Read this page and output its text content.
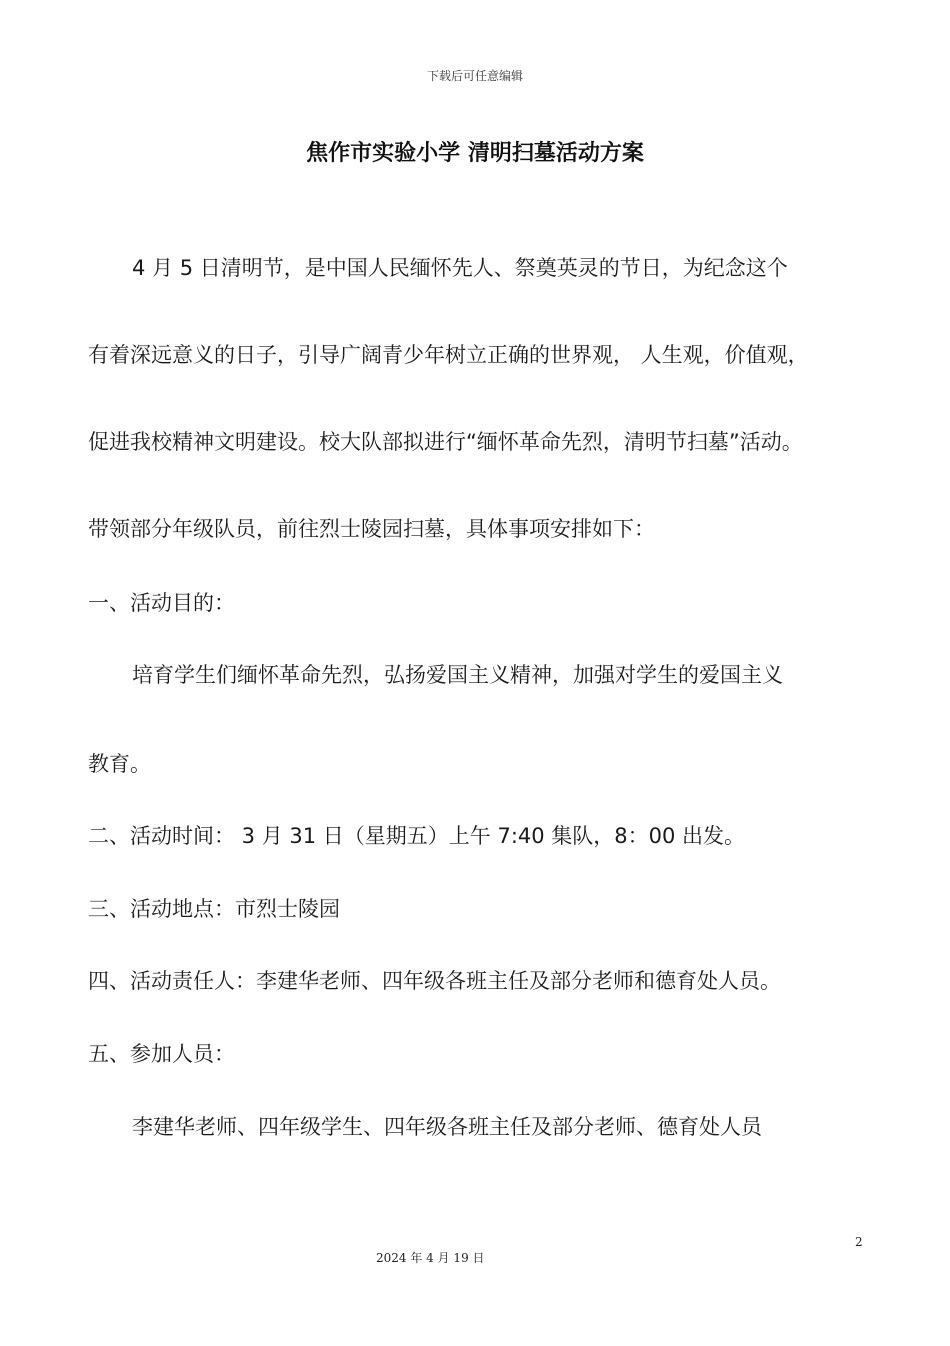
下载后可任意编辑
焦作市实验小学 清明扫墓活动方案
4 月 5 日清明节，是中国人民缅怀先人、祭奠英灵的节日，为纪念这个
有着深远意义的日子，引导广阔青少年树立正确的世界观， 人生观，价值观，
促进我校精神文明建设。校大队部拟进行“缅怀革命先烈，清明节扫墓”活动。
带领部分年级队员，前往烈士陵园扫墓，具体事项安排如下：
一、活动目的：
培育学生们缅怀革命先烈，弘扬爱国主义精神，加强对学生的爱国主义
教育。
二、活动时间： 3 月 31 日（星期五）上午 7:40 集队，8：00 出发。
三、活动地点：市烈士陵园
四、活动责任人：李建华老师、四年级各班主任及部分老师和德育处人员。
五、参加人员：
李建华老师、四年级学生、四年级各班主任及部分老师、德育处人员
2
2024 年 4 月 19 日
